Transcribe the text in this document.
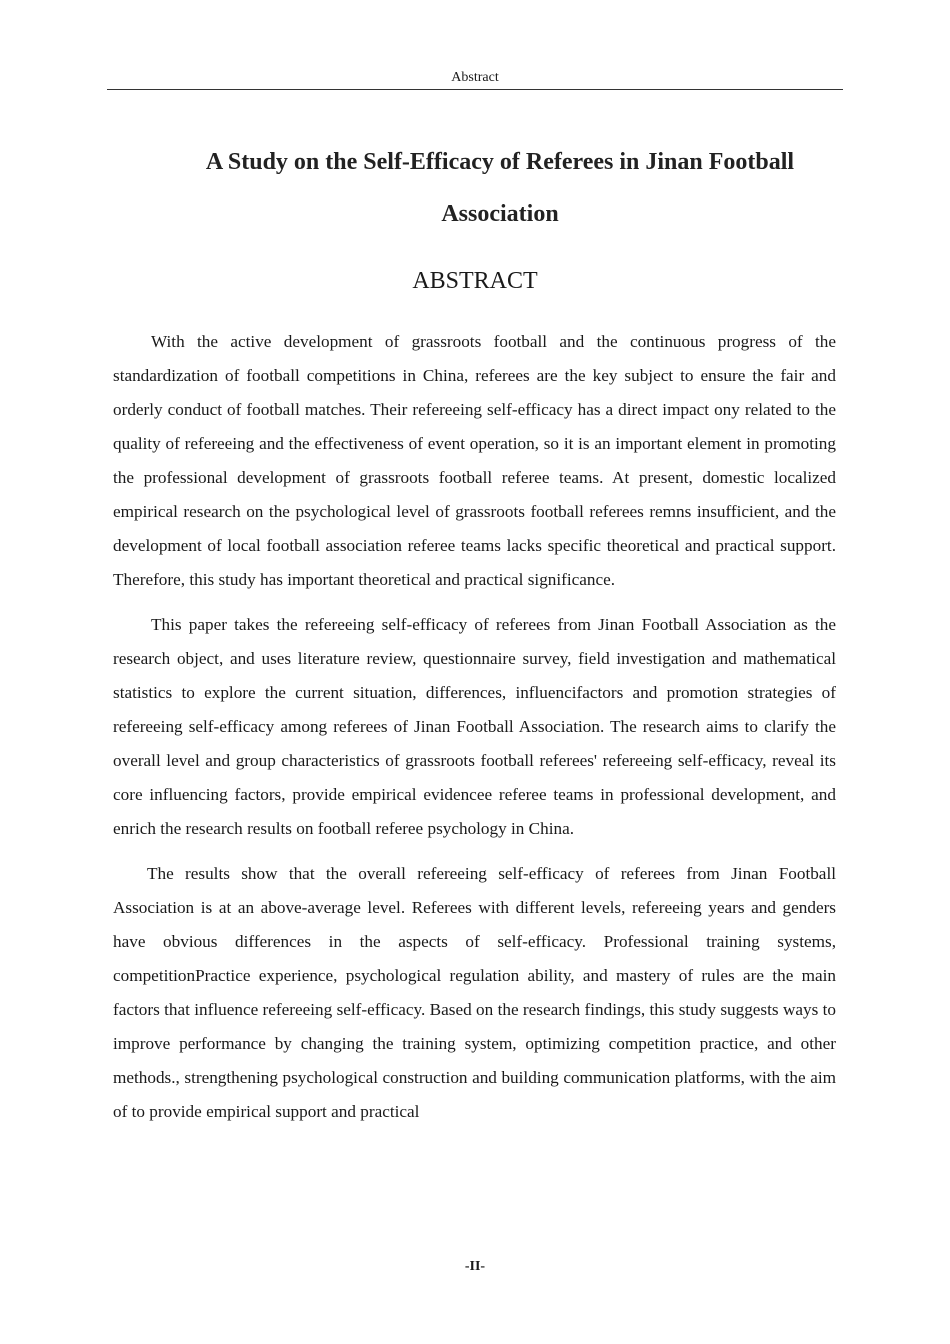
Abstract
A Study on the Self-Efficacy of Referees in Jinan Football Association
ABSTRACT

With the active development of grassroots football and the continuous progress of the standardization of football competitions in China, referees are the key subject to ensure the fair and orderly conduct of football matches. Their refereeing self-efficacy has a direct impact ony related to the quality of refereeing and the effectiveness of event operation, so it is an important element in promoting the professional development of grassroots football referee teams. At present, domestic localized empirical research on the psychological level of grassroots football referees remns insufficient, and the development of local football association referee teams lacks specific theoretical and practical support. Therefore, this study has important theoretical and practical significance.

This paper takes the refereeing self-efficacy of referees from Jinan Football Association as the research object, and uses literature review, questionnaire survey, field investigation and mathematical statistics to explore the current situation, differences, influencifactors and promotion strategies of refereeing self-efficacy among referees of Jinan Football Association. The research aims to clarify the overall level and group characteristics of grassroots football referees' refereeing self-efficacy, reveal its core influencing factors, provide empirical evidencee referee teams in professional development, and enrich the research results on football referee psychology in China.

The results show that the overall refereeing self-efficacy of referees from Jinan Football Association is at an above-average level. Referees with different levels, refereeing years and genders have obvious differences in the aspects of self-efficacy. Professional training systems, competitionPractice experience, psychological regulation ability, and mastery of rules are the main factors that influence refereeing self-efficacy. Based on the research findings, this study suggests ways to improve performance by changing the training system, optimizing competition practice, and other methods., strengthening psychological construction and building communication platforms, with the aim of to provide empirical support and practical

-II-
